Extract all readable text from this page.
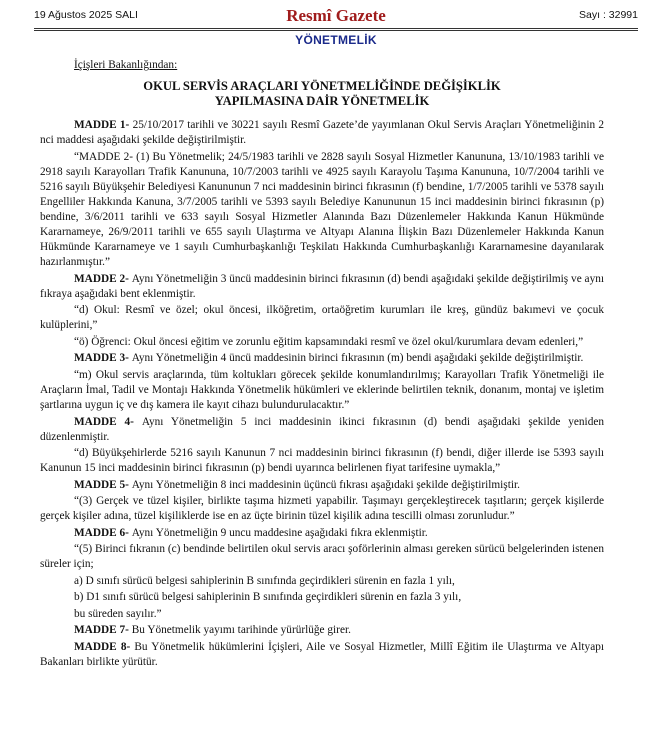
19 Ağustos 2025 SALI	Resmî Gazete	Sayı : 32991
YÖNETMELİK
İçişleri Bakanlığından:
OKUL SERVİS ARAÇLARI YÖNETMELİĞİNDE DEĞİŞİKLİK
YAPILMASINA DAİR YÖNETMELİK
MADDE 1- 25/10/2017 tarihli ve 30221 sayılı Resmî Gazete’de yayımlanan Okul Servis Araçları Yönetmeliğinin 2 nci maddesi aşağıdaki şekilde değiştirilmiştir.
“MADDE 2- (1) Bu Yönetmelik; 24/5/1983 tarihli ve 2828 sayılı Sosyal Hizmetler Kanununa, 13/10/1983 tarihli ve 2918 sayılı Karayolları Trafik Kanununa, 10/7/2003 tarihli ve 4925 sayılı Karayolu Taşıma Kanununa, 10/7/2004 tarihli ve 5216 sayılı Büyükşehir Belediyesi Kanununun 7 nci maddesinin birinci fıkrasının (f) bendine, 1/7/2005 tarihli ve 5378 sayılı Engelliler Hakkında Kanuna, 3/7/2005 tarihli ve 5393 sayılı Belediye Kanununun 15 inci maddesinin birinci fıkrasının (p) bendine, 3/6/2011 tarihli ve 633 sayılı Sosyal Hizmetler Alanında Bazı Düzenlemeler Hakkında Kanun Hükmünde Kararnameye, 26/9/2011 tarihli ve 655 sayılı Ulaştırma ve Altyapı Alanına İlişkin Bazı Düzenlemeler Hakkında Kanun Hükmünde Kararnameye ve 1 sayılı Cumhurbaşkanlığı Teşkilatı Hakkında Cumhurbaşkanlığı Kararnamesine dayanılarak hazırlanmıştır.”
MADDE 2- Aynı Yönetmeliğin 3 üncü maddesinin birinci fıkrasının (d) bendi aşağıdaki şekilde değiştirilmiş ve aynı fıkraya aşağıdaki bent eklenmiştir.
“d) Okul: Resmî ve özel; okul öncesi, ilköğretim, ortaöğretim kurumları ile kreş, gündüz bakımevi ve çocuk kulüplerini,”
“ö) Öğrenci: Okul öncesi eğitim ve zorunlu eğitim kapsamındaki resmî ve özel okul/kurumlara devam edenleri,”
MADDE 3- Aynı Yönetmeliğin 4 üncü maddesinin birinci fıkrasının (m) bendi aşağıdaki şekilde değiştirilmiştir.
“m) Okul servis araçlarında, tüm koltukları görecek şekilde konumlandırılmış; Karayolları Trafik Yönetmeliği ile Araçların İmal, Tadil ve Montajı Hakkında Yönetmelik hükümleri ve eklerinde belirtilen teknik, donanım, montaj ve işletim şartlarına uygun iç ve dış kamera ile kayıt cihazı bulundurulacaktır.”
MADDE 4- Aynı Yönetmeliğin 5 inci maddesinin ikinci fıkrasının (d) bendi aşağıdaki şekilde yeniden düzenlenmiştir.
“d) Büyükşehirlerde 5216 sayılı Kanunun 7 nci maddesinin birinci fıkrasının (f) bendi, diğer illerde ise 5393 sayılı Kanunun 15 inci maddesinin birinci fıkrasının (p) bendi uyarınca belirlenen fiyat tarifesine uymakla,”
MADDE 5- Aynı Yönetmeliğin 8 inci maddesinin üçüncü fıkrası aşağıdaki şekilde değiştirilmiştir.
“(3) Gerçek ve tüzel kişiler, birlikte taşıma hizmeti yapabilir. Taşımayı gerçekleştirecek taşıtların; gerçek kişilerde gerçek kişiler adına, tüzel kişiliklerde ise en az üçte birinin tüzel kişilik adına tescilli olması zorunludur.”
MADDE 6- Aynı Yönetmeliğin 9 uncu maddesine aşağıdaki fıkra eklenmiştir.
“(5) Birinci fıkranın (c) bendinde belirtilen okul servis aracı şoförlerinin alması gereken sürücü belgelerinden istenen süreler için;
a) D sınıfı sürücü belgesi sahiplerinin B sınıfında geçirdikleri sürenin en fazla 1 yılı,
b) D1 sınıfı sürücü belgesi sahiplerinin B sınıfında geçirdikleri sürenin en fazla 3 yılı,
bu süreden sayılır.”
MADDE 7- Bu Yönetmelik yayımı tarihinde yürürlüğe girer.
MADDE 8- Bu Yönetmelik hükümlerini İçişleri, Aile ve Sosyal Hizmetler, Millî Eğitim ile Ulaştırma ve Altyapı Bakanları birlikte yürütür.
